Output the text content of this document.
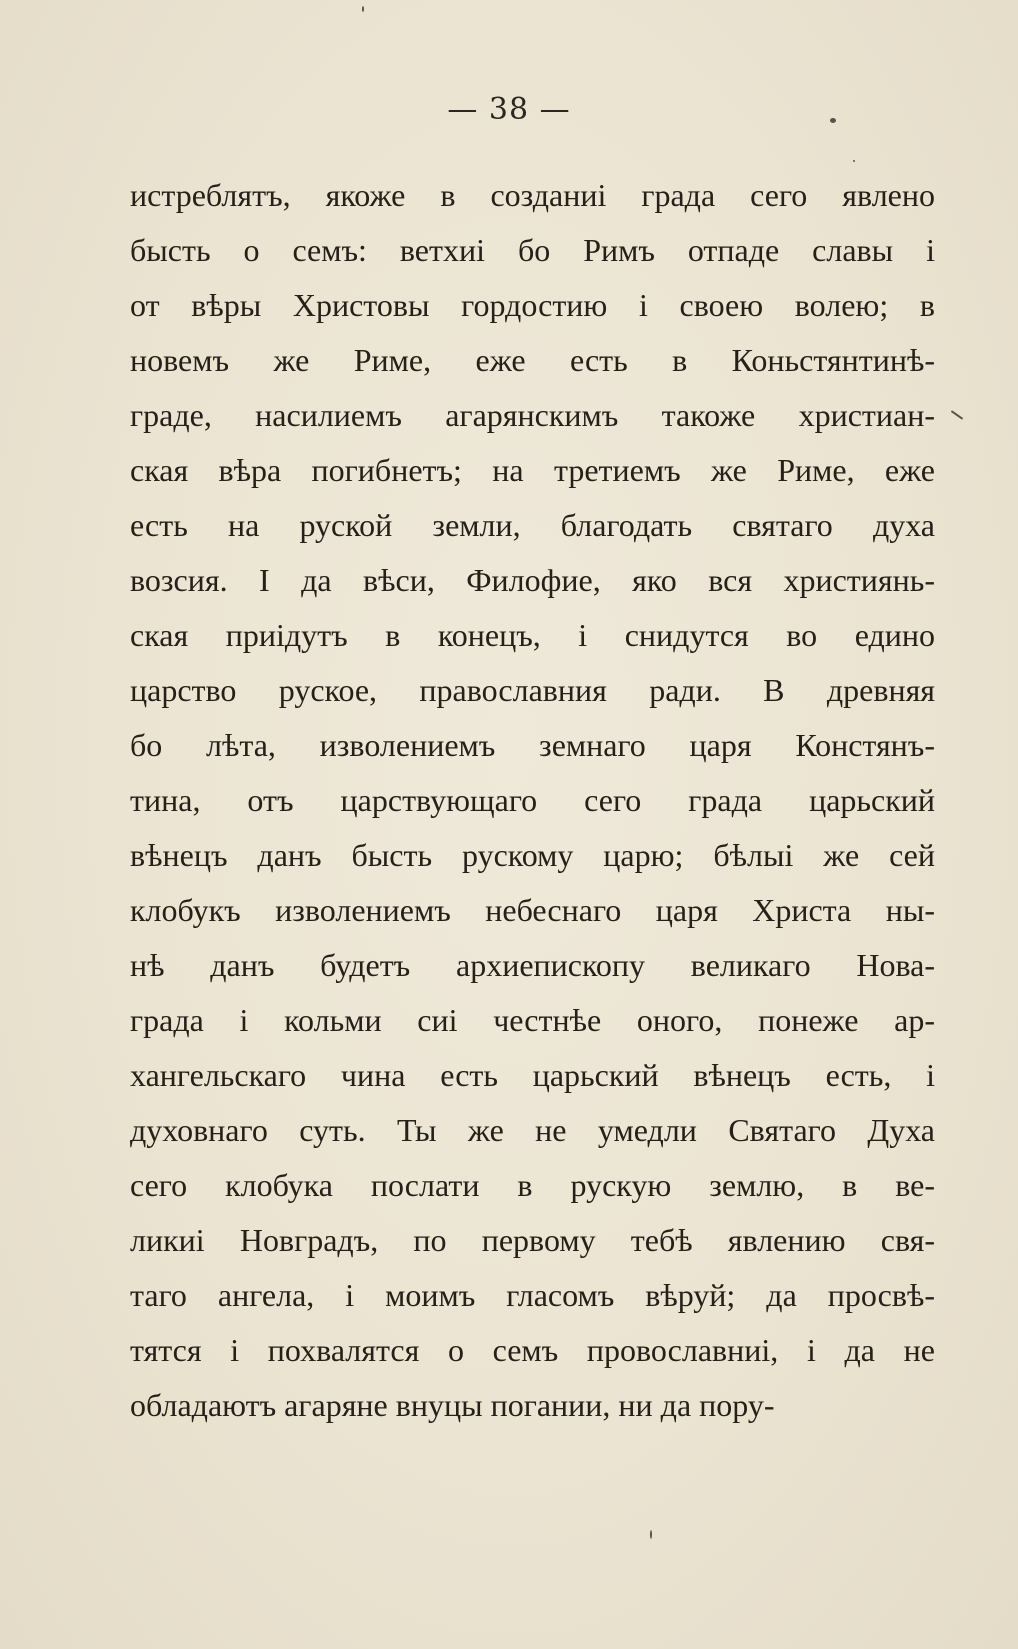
— 38 —
истреблятъ, якоже в созданиі града сего явлено
бысть о семъ: ветхиі бо Римъ отпаде славы і
от вѣры Христовы гордостию і своею волею; в
новемъ же Риме, еже есть в Коньстянтинѣ-
граде, насилиемъ агарянскимъ такоже христиан-
ская вѣра погибнетъ; на третиемъ же Риме, еже
есть на руской земли, благодать святаго духа
возсия. І да вѣси, Филофие, яко вся християнь-
ская приідутъ в конецъ, і снидутся во едино
царство руское, православния ради. В древняя
бо лѣта, изволениемъ земнаго царя Констянъ-
тина, отъ царствующаго сего града царьский
вѣнецъ данъ бысть рускому царю; бѣлыі же сей
клобукъ изволениемъ небеснаго царя Христа ны-
нѣ данъ будетъ архиепископу великаго Нова-
града і кольми сиі честнѣе оного, понеже ар-
хангельскаго чина есть царьский вѣнецъ есть, і
духовнаго суть. Ты же не умедли Святаго Духа
сего клобука послати в рускую землю, в ве-
ликиі Новградъ, по первому тебѣ явлению свя-
таго ангела, і моимъ гласомъ вѣруй; да просвѣ-
тятся і похвалятся о семъ провославниі, і да не
обладаютъ агаряне внуцы погании, ни да пору-
